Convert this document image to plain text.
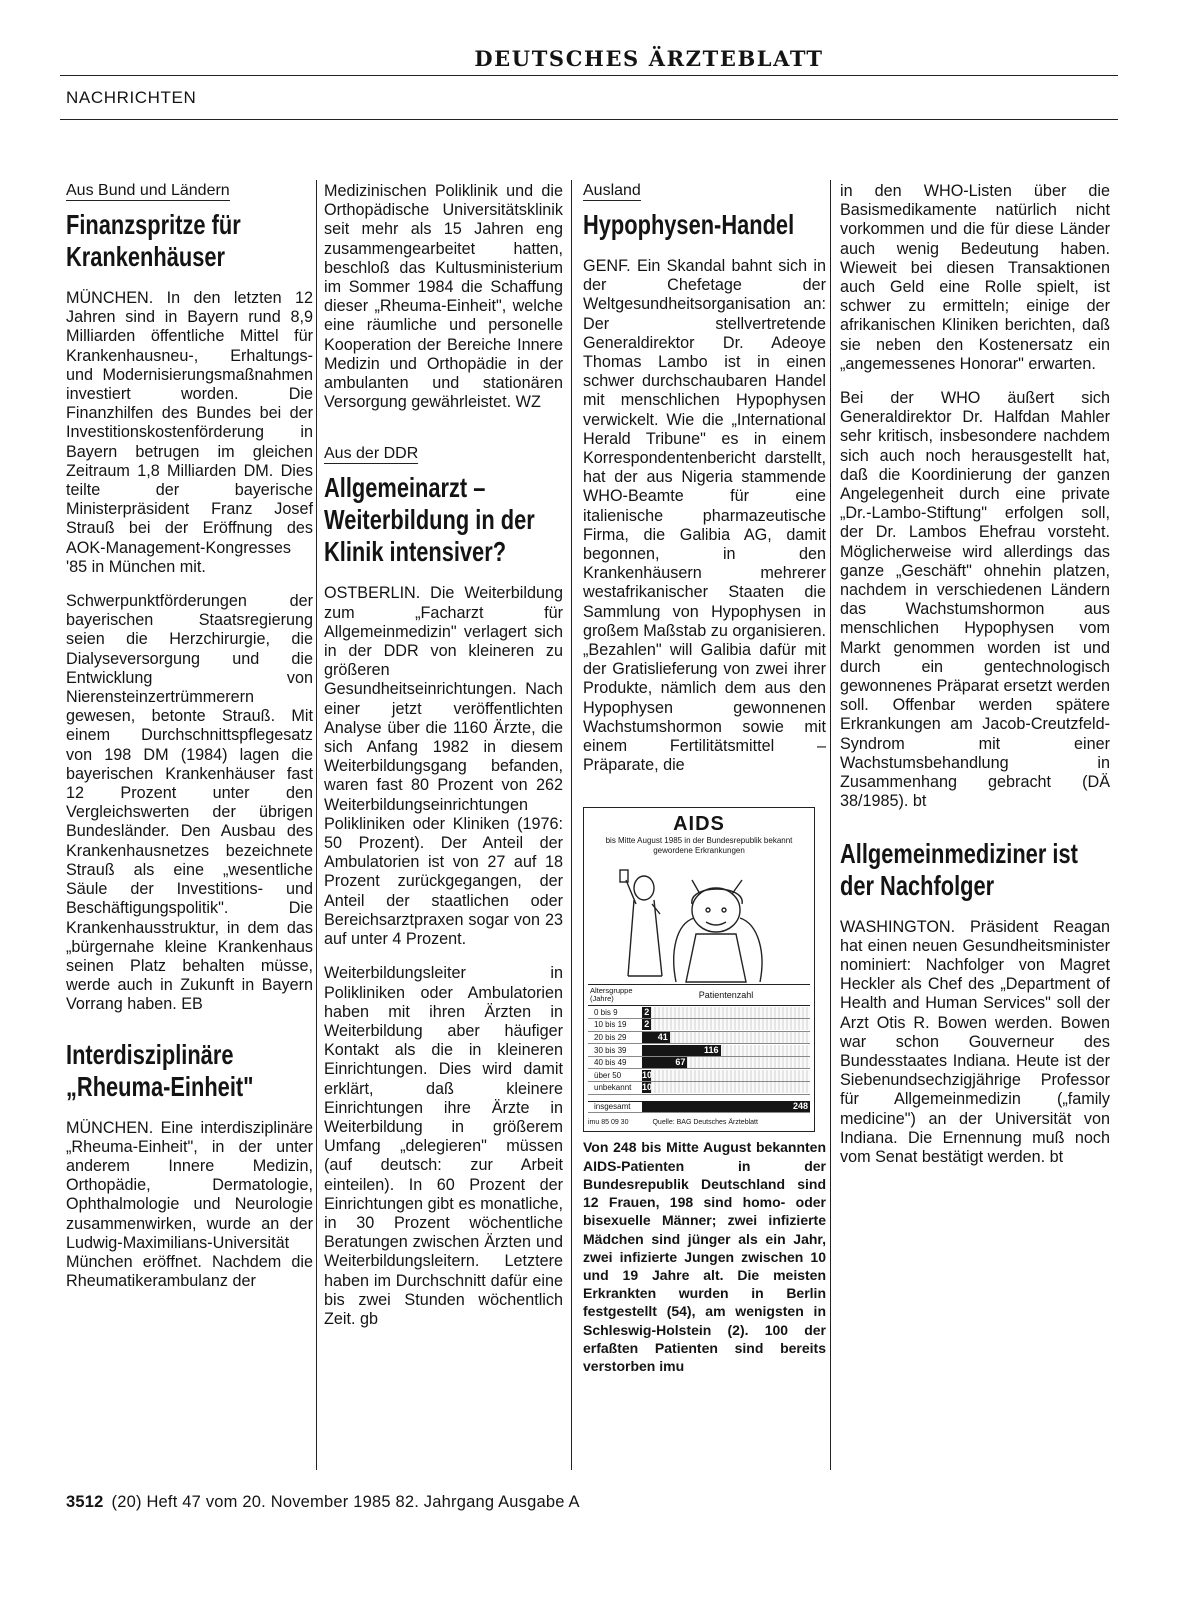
DEUTSCHES ÄRZTEBLATT
NACHRICHTEN
Aus Bund und Ländern
Finanzspritze für Krankenhäuser

MÜNCHEN. In den letzten 12 Jahren sind in Bayern rund 8,9 Milliarden öffentliche Mittel für Krankenhausneu-, Erhaltungs- und Modernisierungsmaßnahmen investiert worden. Die Finanzhilfen des Bundes bei der Investitionskostenförderung in Bayern betrugen im gleichen Zeitraum 1,8 Milliarden DM. Dies teilte der bayerische Ministerpräsident Franz Josef Strauß bei der Eröffnung des AOK-Management-Kongresses '85 in München mit.

Schwerpunktförderungen der bayerischen Staatsregierung seien die Herzchirurgie, die Dialyseversorgung und die Entwicklung von Nierensteinzertrümmerern gewesen, betonte Strauß. Mit einem Durchschnittspflegesatz von 198 DM (1984) lagen die bayerischen Krankenhäuser fast 12 Prozent unter den Vergleichswerten der übrigen Bundesländer. Den Ausbau des Krankenhausnetzes bezeichnete Strauß als eine „wesentliche Säule der Investitions- und Beschäftigungspolitik". Die Krankenhausstruktur, in dem das „bürgernahe kleine Krankenhaus seinen Platz behalten müsse, werde auch in Zukunft in Bayern Vorrang haben. EB

Interdisziplinäre „Rheuma-Einheit"

MÜNCHEN. Eine interdisziplinäre „Rheuma-Einheit", in der unter anderem Innere Medizin, Orthopädie, Dermatologie, Ophthalmologie und Neurologie zusammenwirken, wurde an der Ludwig-Maximilians-Universität München eröffnet. Nachdem die Rheumatikerambulanz der

Medizinischen Poliklinik und die Orthopädische Universitätsklinik seit mehr als 15 Jahren eng zusammengearbeitet hatten, beschloß das Kultusministerium im Sommer 1984 die Schaffung dieser „Rheuma-Einheit", welche eine räumliche und personelle Kooperation der Bereiche Innere Medizin und Orthopädie in der ambulanten und stationären Versorgung gewährleistet. WZ

Aus der DDR
Allgemeinarzt – Weiterbildung in der Klinik intensiver?

OSTBERLIN. Die Weiterbildung zum „Facharzt für Allgemeinmedizin" verlagert sich in der DDR von kleineren zu größeren Gesundheitseinrichtungen. Nach einer jetzt veröffentlichten Analyse über die 1160 Ärzte, die sich Anfang 1982 in diesem Weiterbildungsgang befanden, waren fast 80 Prozent von 262 Weiterbildungseinrichtungen Polikliniken oder Kliniken (1976: 50 Prozent). Der Anteil der Ambulatorien ist von 27 auf 18 Prozent zurückgegangen, der Anteil der staatlichen oder Bereichsarztpraxen sogar von 23 auf unter 4 Prozent.

Weiterbildungsleiter in Polikliniken oder Ambulatorien haben mit ihren Ärzten in Weiterbildung aber häufiger Kontakt als die in kleineren Einrichtungen. Dies wird damit erklärt, daß kleinere Einrichtungen ihre Ärzte in Weiterbildung in größerem Umfang „delegieren" müssen (auf deutsch: zur Arbeit einteilen). In 60 Prozent der Einrichtungen gibt es monatliche, in 30 Prozent wöchentliche Beratungen zwischen Ärzten und Weiterbildungsleitern. Letztere haben im Durchschnitt dafür eine bis zwei Stunden wöchentlich Zeit. gb

Ausland
Hypophysen-Handel

GENF. Ein Skandal bahnt sich in der Chefetage der Weltgesundheitsorganisation an: Der stellvertretende Generaldirektor Dr. Adeoye Thomas Lambo ist in einen schwer durchschaubaren Handel mit menschlichen Hypophysen verwickelt. Wie die „International Herald Tribune" es in einem Korrespondentenbericht darstellt, hat der aus Nigeria stammende WHO-Beamte für eine italienische pharmazeutische Firma, die Galibia AG, damit begonnen, in den Krankenhäusern mehrerer westafrikanischer Staaten die Sammlung von Hypophysen in großem Maßstab zu organisieren. „Bezahlen" will Galibia dafür mit der Gratislieferung von zwei ihrer Produkte, nämlich dem aus den Hypophysen gewonnenen Wachstumshormon sowie mit einem Fertilitätsmittel – Präparate, die

AIDS
bis Mitte August 1985 in der Bundesrepublik bekannt gewordene Erkrankungen
Altersgruppe (Jahre)	Patientenzahl
0 bis 9	2
10 bis 19	2
20 bis 29	41
30 bis 39	116
40 bis 49	67
über 50	10
unbekannt	10
insgesamt	248
imu 85 09 30	Quelle: BAG Deutsches Ärzteblatt
Von 248 bis Mitte August bekannten AIDS-Patienten in der Bundesrepublik Deutschland sind 12 Frauen, 198 sind homo- oder bisexuelle Männer; zwei infizierte Mädchen sind jünger als ein Jahr, zwei infizierte Jungen zwischen 10 und 19 Jahre alt. Die meisten Erkrankten wurden in Berlin festgestellt (54), am wenigsten in Schleswig-Holstein (2). 100 der erfaßten Patienten sind bereits verstorben imu

in den WHO-Listen über die Basismedikamente natürlich nicht vorkommen und die für diese Länder auch wenig Bedeutung haben. Wieweit bei diesen Transaktionen auch Geld eine Rolle spielt, ist schwer zu ermitteln; einige der afrikanischen Kliniken berichten, daß sie neben den Kostenersatz ein „angemessenes Honorar" erwarten.

Bei der WHO äußert sich Generaldirektor Dr. Halfdan Mahler sehr kritisch, insbesondere nachdem sich auch noch herausgestellt hat, daß die Koordinierung der ganzen Angelegenheit durch eine private „Dr.-Lambo-Stiftung" erfolgen soll, der Dr. Lambos Ehefrau vorsteht. Möglicherweise wird allerdings das ganze „Geschäft" ohnehin platzen, nachdem in verschiedenen Ländern das Wachstumshormon aus menschlichen Hypophysen vom Markt genommen worden ist und durch ein gentechnologisch gewonnenes Präparat ersetzt werden soll. Offenbar werden spätere Erkrankungen am Jacob-Creutzfeld-Syndrom mit einer Wachstumsbehandlung in Zusammenhang gebracht (DÄ 38/1985). bt

Allgemeinmediziner ist der Nachfolger

WASHINGTON. Präsident Reagan hat einen neuen Gesundheitsminister nominiert: Nachfolger von Magret Heckler als Chef des „Department of Health and Human Services" soll der Arzt Otis R. Bowen werden. Bowen war schon Gouverneur des Bundesstaates Indiana. Heute ist der Siebenundsechzigjährige Professor für Allgemeinmedizin („family medicine") an der Universität von Indiana. Die Ernennung muß noch vom Senat bestätigt werden. bt

3512 (20) Heft 47 vom 20. November 1985 82. Jahrgang Ausgabe A
